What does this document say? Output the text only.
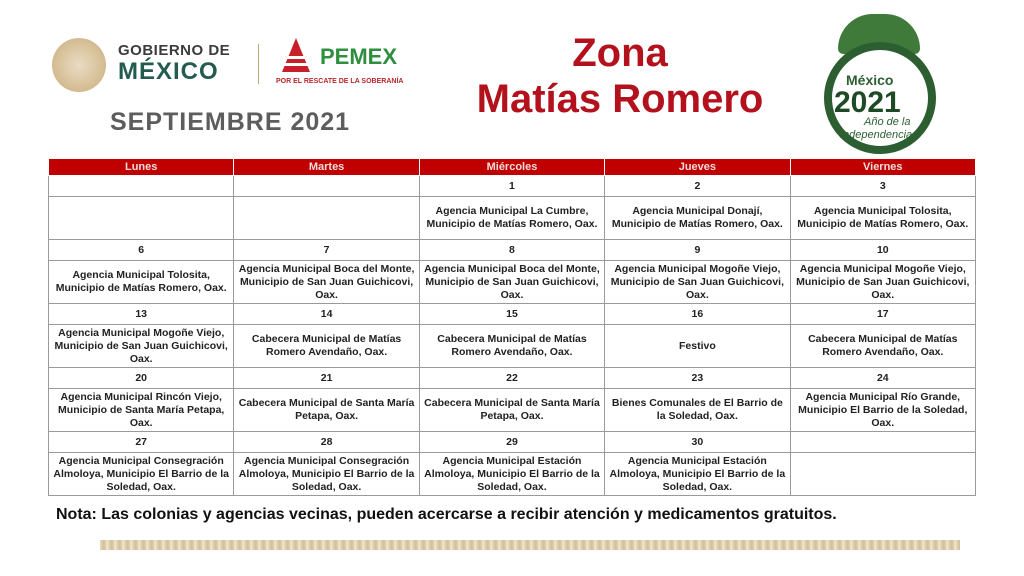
GOBIERNO DE
MÉXICO
PEMEX
POR EL RESCATE DE LA SOBERANÍA
SEPTIEMBRE 2021
Zona
Matías Romero	México
2021
Año de la
Independencia
Lunes	Martes	Miércoles	Jueves	Viernes
		1	2	3
		Agencia Municipal La Cumbre, Municipio de Matías Romero, Oax.	Agencia Municipal Donají, Municipio de Matías Romero, Oax.	Agencia Municipal Tolosita, Municipio de Matías Romero, Oax.
6	7	8	9	10
Agencia Municipal Tolosita, Municipio de Matías Romero, Oax.	Agencia Municipal Boca del Monte, Municipio de San Juan Guichicovi, Oax.	Agencia Municipal Boca del Monte, Municipio de San Juan Guichicovi, Oax.	Agencia Municipal Mogoñe Viejo, Municipio de San Juan Guichicovi, Oax.	Agencia Municipal Mogoñe Viejo, Municipio de San Juan Guichicovi, Oax.
13	14	15	16	17
Agencia Municipal Mogoñe Viejo, Municipio de San Juan Guichicovi, Oax.	Cabecera Municipal de Matías Romero Avendaño, Oax.	Cabecera Municipal de Matías Romero Avendaño, Oax.	Festivo	Cabecera Municipal de Matías Romero Avendaño, Oax.
20	21	22	23	24
Agencia Municipal Rincón Viejo, Municipio de Santa María Petapa, Oax.	Cabecera Municipal de Santa María Petapa, Oax.	Cabecera Municipal de Santa María Petapa, Oax.	Bienes Comunales de El Barrio de la Soledad, Oax.	Agencia Municipal Río Grande, Municipio El Barrio de la Soledad, Oax.
27	28	29	30	
Agencia Municipal Consegración Almoloya, Municipio El Barrio de la Soledad, Oax.	Agencia Municipal Consegración Almoloya, Municipio El Barrio de la Soledad, Oax.	Agencia Municipal Estación Almoloya, Municipio El Barrio de la Soledad, Oax.	Agencia Municipal Estación Almoloya, Municipio El Barrio de la Soledad, Oax.	
Nota: Las colonias y agencias vecinas, pueden acercarse a recibir atención y medicamentos gratuitos.
